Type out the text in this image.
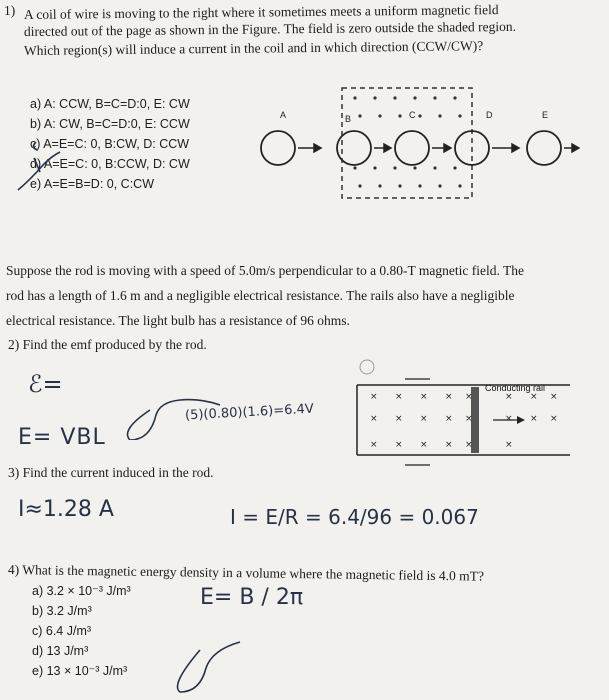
1) A coil of wire is moving to the right where it sometimes meets a uniform magnetic field
directed out of the page as shown in the Figure. The field is zero outside the shaded region.
Which region(s) will induce a current in the coil and in which direction (CCW/CW)?
a) A: CCW, B=C=D:0, E: CW
b) A: CW, B=C=D:0, E: CCW
c) A=E=C: 0, B:CW, D: CCW
d) A=E=C: 0, B:CCW, D: CW
e) A=E=B=D: 0, C:CW
A	B	C	D	E
Suppose the rod is moving with a speed of 5.0m/s perpendicular to a 0.80-T magnetic field. The
rod has a length of 1.6 m and a negligible electrical resistance. The rails also have a negligible
electrical resistance. The light bulb has a resistance of 96 ohms.
2) Find the emf produced by the rod.
Conducting rail
× × × × ×	× × ×
× × × × ×	× × ×
× × × × ×	×
ℰ=
E= VBL
(5)(0.80)(1.6)=6.4V
3) Find the current induced in the rod.
I≈1.28 A	I = E/R = 6.4/96 = 0.067
4) What is the magnetic energy density in a volume where the magnetic field is 4.0 mT?
a) 3.2 × 10⁻³ J/m³
b) 3.2 J/m³
c) 6.4 J/m³
d) 13 J/m³
e) 13 × 10⁻³ J/m³
E= B / 2π
